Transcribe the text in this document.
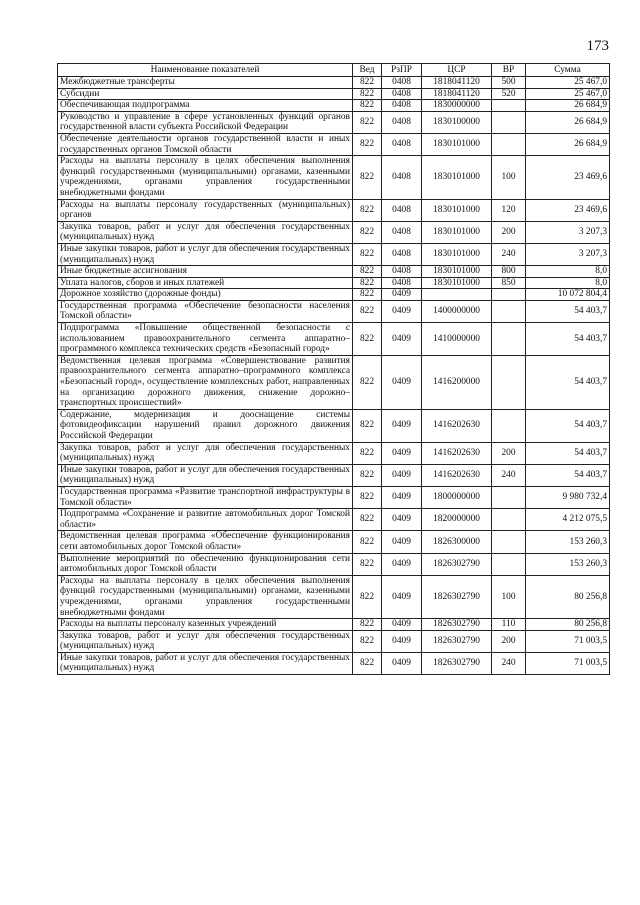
173
Наименование показателей	Вед	РзПР	ЦСР	ВР	Сумма
Межбюджетные трансферты	822	0408	1818041120	500	25 467,0
Субсидии	822	0408	1818041120	520	25 467,0
Обеспечивающая подпрограмма	822	0408	1830000000		26 684,9
Руководство и управление в сфере установленных функций органов государственной власти субъекта Российской Федерации	822	0408	1830100000		26 684,9
Обеспечение деятельности органов государственной власти и иных государственных органов Томской области	822	0408	1830101000		26 684,9
Расходы на выплаты персоналу в целях обеспечения выполнения функций государственными (муниципальными) органами, казенными учреждениями, органами управления государственными внебюджетными фондами	822	0408	1830101000	100	23 469,6
Расходы на выплаты персоналу государственных (муниципальных) органов	822	0408	1830101000	120	23 469,6
Закупка товаров, работ и услуг для обеспечения государственных (муниципальных) нужд	822	0408	1830101000	200	3 207,3
Иные закупки товаров, работ и услуг для обеспечения государственных (муниципальных) нужд	822	0408	1830101000	240	3 207,3
Иные бюджетные ассигнования	822	0408	1830101000	800	8,0
Уплата налогов, сборов и иных платежей	822	0408	1830101000	850	8,0
Дорожное хозяйство (дорожные фонды)	822	0409			10 072 804,4
Государственная программа «Обеспечение безопасности населения Томской области»	822	0409	1400000000		54 403,7
Подпрограмма «Повышение общественной безопасности с использованием правоохранительного сегмента аппаратно–программного комплекса технических средств «Безопасный город»	822	0409	1410000000		54 403,7
Ведомственная целевая программа «Совершенствование развития правоохранительного сегмента аппаратно–программного комплекса «Безопасный город», осуществление комплексных работ, направленных на организацию дорожного движения, снижение дорожно–транспортных происшествий»	822	0409	1416200000		54 403,7
Содержание, модернизация и дооснащение системы фотовидеофиксации нарушений правил дорожного движения Российской Федерации	822	0409	1416202630		54 403,7
Закупка товаров, работ и услуг для обеспечения государственных (муниципальных) нужд	822	0409	1416202630	200	54 403,7
Иные закупки товаров, работ и услуг для обеспечения государственных (муниципальных) нужд	822	0409	1416202630	240	54 403,7
Государственная программа «Развитие транспортной инфраструктуры в Томской области»	822	0409	1800000000		9 980 732,4
Подпрограмма «Сохранение и развитие автомобильных дорог Томской области»	822	0409	1820000000		4 212 075,5
Ведомственная целевая программа «Обеспечение функционирования сети автомобильных дорог Томской области»	822	0409	1826300000		153 260,3
Выполнение мероприятий по обеспечению функционирования сети автомобильных дорог Томской области	822	0409	1826302790		153 260,3
Расходы на выплаты персоналу в целях обеспечения выполнения функций государственными (муниципальными) органами, казенными учреждениями, органами управления государственными внебюджетными фондами	822	0409	1826302790	100	80 256,8
Расходы на выплаты персоналу казенных учреждений	822	0409	1826302790	110	80 256,8
Закупка товаров, работ и услуг для обеспечения государственных (муниципальных) нужд	822	0409	1826302790	200	71 003,5
Иные закупки товаров, работ и услуг для обеспечения государственных (муниципальных) нужд	822	0409	1826302790	240	71 003,5
